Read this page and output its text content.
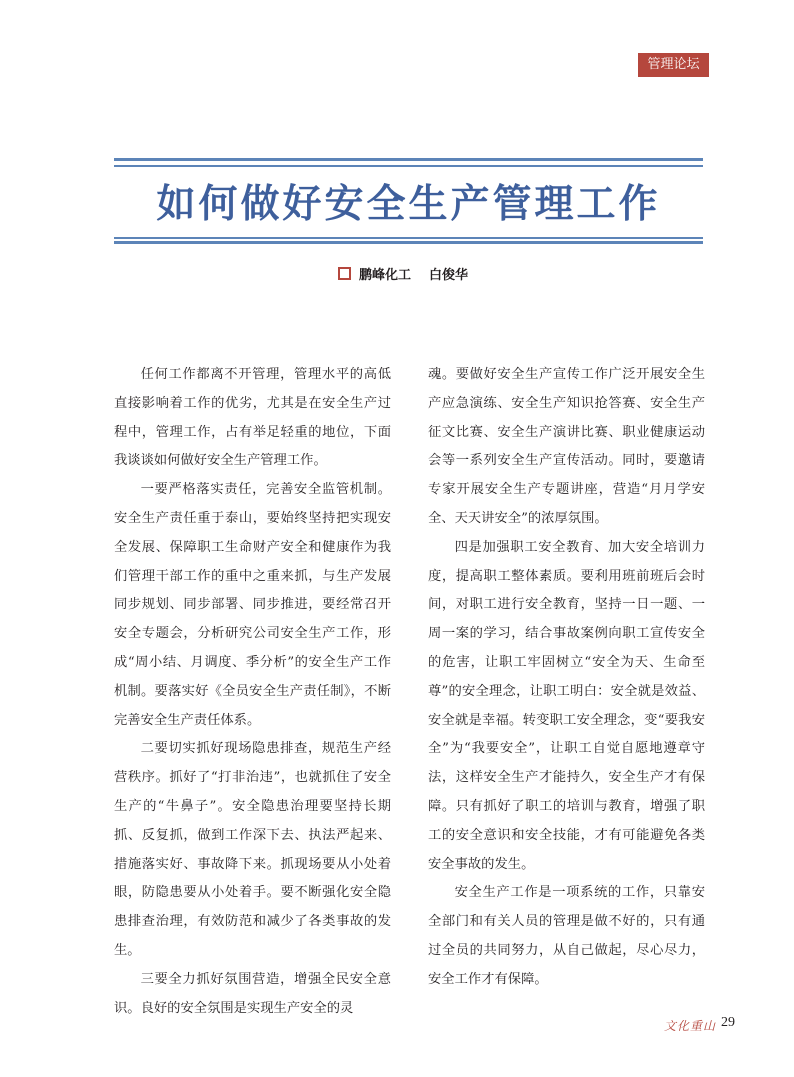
管理论坛
如何做好安全生产管理工作
鹏峰化工 白俊华

任何工作都离不开管理，管理水平的高低直接影响着工作的优劣，尤其是在安全生产过程中，管理工作，占有举足轻重的地位，下面我谈谈如何做好安全生产管理工作。

一要严格落实责任，完善安全监管机制。安全生产责任重于泰山，要始终坚持把实现安全发展、保障职工生命财产安全和健康作为我们管理干部工作的重中之重来抓，与生产发展同步规划、同步部署、同步推进，要经常召开安全专题会，分析研究公司安全生产工作，形成“周小结、月调度、季分析”的安全生产工作机制。要落实好《全员安全生产责任制》，不断完善安全生产责任体系。

二要切实抓好现场隐患排查，规范生产经营秩序。抓好了“打非治违”，也就抓住了安全生产的“牛鼻子”。安全隐患治理要坚持长期抓、反复抓，做到工作深下去、执法严起来、措施落实好、事故降下来。抓现场要从小处着眼，防隐患要从小处着手。要不断强化安全隐患排查治理，有效防范和减少了各类事故的发生。

三要全力抓好氛围营造，增强全民安全意识。良好的安全氛围是实现生产安全的灵

魂。要做好安全生产宣传工作广泛开展安全生产应急演练、安全生产知识抢答赛、安全生产征文比赛、安全生产演讲比赛、职业健康运动会等一系列安全生产宣传活动。同时，要邀请专家开展安全生产专题讲座，营造“月月学安全、天天讲安全”的浓厚氛围。

四是加强职工安全教育、加大安全培训力度，提高职工整体素质。要利用班前班后会时间，对职工进行安全教育，坚持一日一题、一周一案的学习，结合事故案例向职工宣传安全的危害，让职工牢固树立“安全为天、生命至尊”的安全理念，让职工明白：安全就是效益、安全就是幸福。转变职工安全理念，变“要我安全”为“我要安全”，让职工自觉自愿地遵章守法，这样安全生产才能持久，安全生产才有保障。只有抓好了职工的培训与教育，增强了职工的安全意识和安全技能，才有可能避免各类安全事故的发生。

安全生产工作是一项系统的工作，只靠安全部门和有关人员的管理是做不好的，只有通过全员的共同努力，从自己做起，尽心尽力，安全工作才有保障。

文化重山 29
